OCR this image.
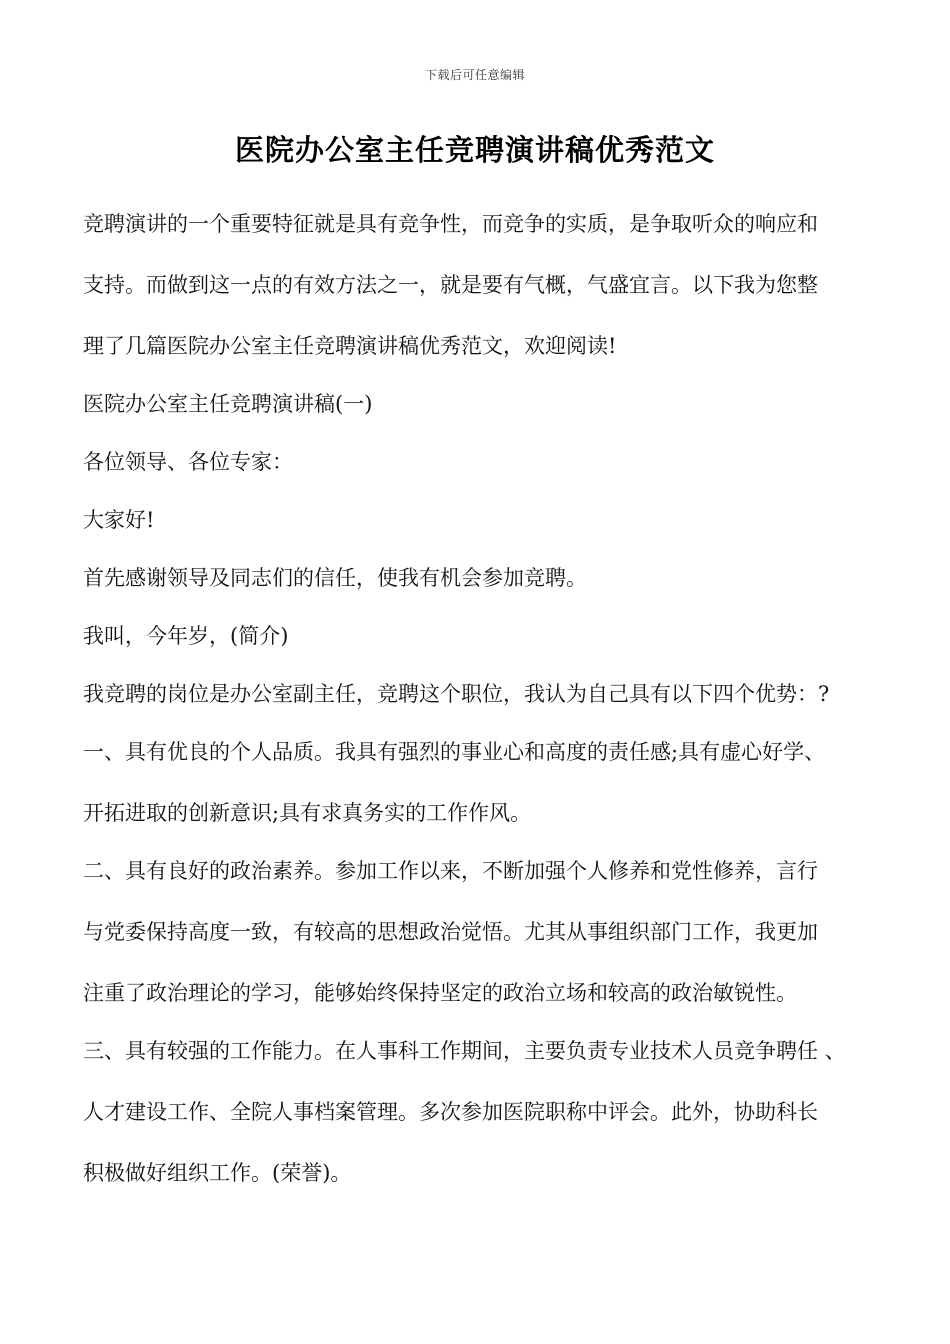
下载后可任意编辑
医院办公室主任竞聘演讲稿优秀范文
竞聘演讲的一个重要特征就是具有竞争性，而竞争的实质，是争取听众的响应和
支持。而做到这一点的有效方法之一，就是要有气概，气盛宜言。以下我为您整
理了几篇医院办公室主任竞聘演讲稿优秀范文，欢迎阅读!
医院办公室主任竞聘演讲稿(一)
各位领导、各位专家：
大家好!
首先感谢领导及同志们的信任，使我有机会参加竞聘。
我叫，今年岁，(简介)
我竞聘的岗位是办公室副主任，竞聘这个职位，我认为自己具有以下四个优势：?
一、具有优良的个人品质。我具有强烈的事业心和高度的责任感;具有虚心好学、
开拓进取的创新意识;具有求真务实的工作作风。
二、具有良好的政治素养。参加工作以来，不断加强个人修养和党性修养，言行
与党委保持高度一致，有较高的思想政治觉悟。尤其从事组织部门工作，我更加
注重了政治理论的学习，能够始终保持坚定的政治立场和较高的政治敏锐性。
三、具有较强的工作能力。在人事科工作期间，主要负责专业技术人员竞争聘任 、
人才建设工作、全院人事档案管理。多次参加医院职称中评会。此外，协助科长
积极做好组织工作。(荣誉)。
